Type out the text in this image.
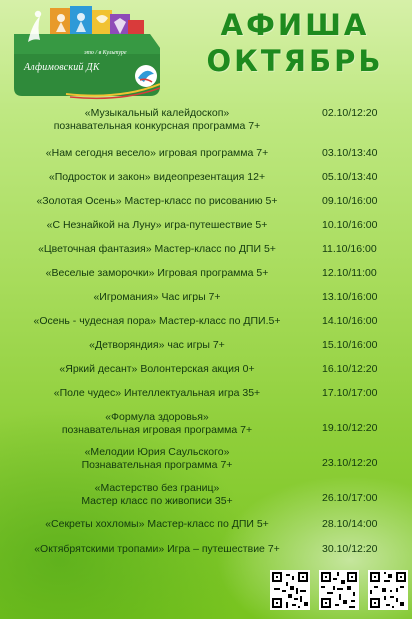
это / в Культуре
Алфимовский ДК
АФИША
ОКТЯБРЬ
«Музыкальный калейдоскоп»
познавательная конкурсная программа 7+
02.10/12:20
«Нам сегодня весело» игровая программа 7+	03.10/13:40
«Подросток и закон» видеопрезентация 12+	05.10/13:40
«Золотая Осень» Мастер-класс по рисованию 5+	09.10/16:00
«С Незнайкой на Луну» игра-путешествие 5+	10.10/16:00
«Цветочная фантазия» Мастер-класс по ДПИ 5+	11.10/16:00
«Веселые заморочки» Игровая программа 5+	12.10/11:00
«Игромания» Час игры 7+	13.10/16:00
«Осень - чудесная пора» Мастер-класс по ДПИ.5+	14.10/16:00
«Детворяндия» час игры 7+	15.10/16:00
«Яркий десант» Волонтерская акция 0+	16.10/12:20
«Поле чудес» Интеллектуальная игра 35+	17.10/17:00
«Формула здоровья»
познавательная игровая программа 7+	19.10/12:20
«Мелодии Юрия Саульского»
Познавательная программа 7+	23.10/12:20
«Мастерство без границ»
Мастер класс по живописи 35+	26.10/17:00
«Секреты хохломы» Мастер-класс по ДПИ 5+	28.10/14:00
«Октябрятскими тропами» Игра – путешествие 7+	30.10/12:20
